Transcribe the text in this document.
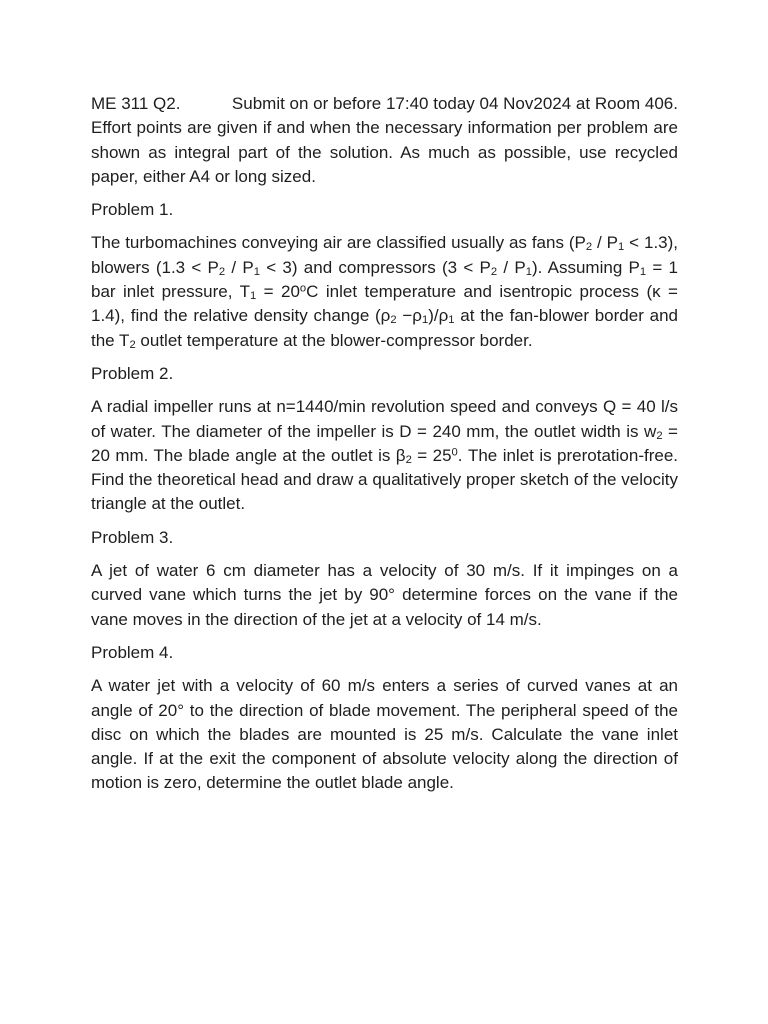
ME 311 Q2.	Submit on or before 17:40 today 04 Nov2024 at Room 406.

Effort points are given if and when the necessary information per problem are shown as integral part of the solution. As much as possible, use recycled paper, either A4 or long sized.

Problem 1.

The turbomachines conveying air are classified usually as fans $(P_2 / P_1 < 1.3)$, blowers $(1.3 < P_2 / P_1 < 3)$ and compressors $(3 < P_2 / P_1)$. Assuming $P_1 = 1$ bar inlet pressure, $T_1 = 20^oC$ inlet temperature and isentropic process (κ = 1.4), find the relative density change $(\rho_2 -\rho_1)/\rho_1$ at the fan-blower border and the $T_2$ outlet temperature at the blower-compressor border.

Problem 2.

A radial impeller runs at n=1440/min revolution speed and conveys Q = 40 l/s of water. The diameter of the impeller is D = 240 mm, the outlet width is $w_2 = 20$ mm. The blade angle at the outlet is $\beta_2 = 25^0$. The inlet is prerotation-free. Find the theoretical head and draw a qualitatively proper sketch of the velocity triangle at the outlet.

Problem 3.

A jet of water 6 cm diameter has a velocity of 30 m/s. If it impinges on a curved vane which turns the jet by 90° determine forces on the vane if the vane moves in the direction of the jet at a velocity of 14 m/s.

Problem 4.

A water jet with a velocity of 60 m/s enters a series of curved vanes at an angle of 20° to the direction of blade movement. The peripheral speed of the disc on which the blades are mounted is 25 m/s. Calculate the vane inlet angle. If at the exit the component of absolute velocity along the direction of motion is zero, determine the outlet blade angle.
